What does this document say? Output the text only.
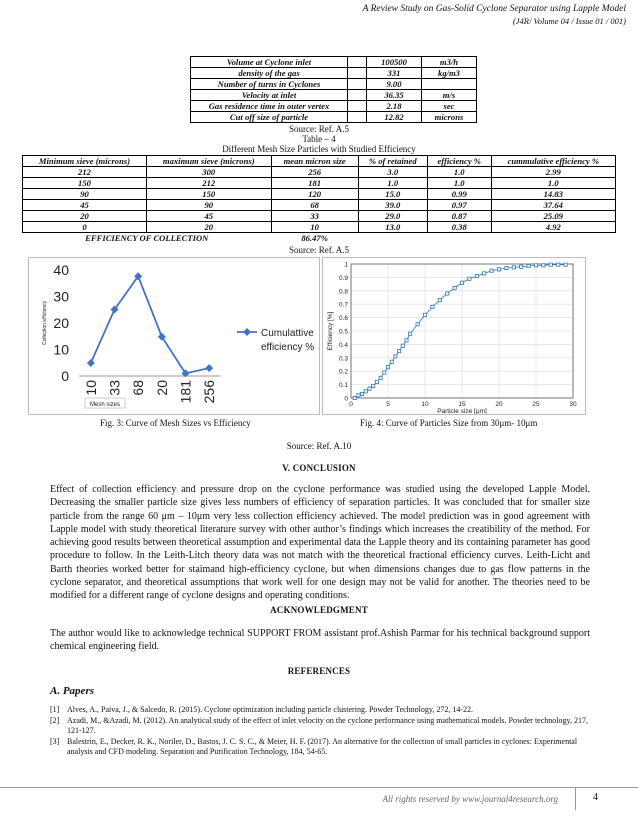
A Review Study on Gas-Solid Cyclone Separator using Lapple Model
(J4R/ Volume 04 / Issue 01 / 001)
Volume at Cyclone inlet		100500	m3/h
density of the gas		331	kg/m3
Number of turns in Cyclones		9.00	
Velocity at inlet		36.35	m/s
Gas residence time in outer vertex		2.18	sec
Cut off size of particle		12.82	microns
Source: Ref. A.5
Table – 4
Different Mesh Size Particles with Studied Efficiency
Minimum sieve (microns)	maximum sieve (microns)	mean micron size	% of retained	efficiency %	cummulative efficiency %
212	300	256	3.0	1.0	2.99
150	212	181	1.0	1.0	1.0
90	150	120	15.0	0.99	14.83
45	90	68	39.0	0.97	37.64
20	45	33	29.0	0.87	25.09
0	20	10	13.0	0.38	4.92
EFFICIENCY OF COLLECTION		86.47%			
Source: Ref. A.5
0
10
20
30
40
10 33 68 20 181 256
Collection efficiency
Mesh sizes
Cumulattive
efficiency %
0
0.1
0.2
0.3
0.4
0.5
0.6
0.7
0.8
0.9
1
0	5	10	15	20	25	30
Particle size [μm]
Efficiency [%]
Fig. 3: Curve of Mesh Sizes vs Efficiency	Fig. 4: Curve of Particles Size from 30μm- 10μm
Source: Ref. A.10
V. CONCLUSION
Effect of collection efficiency and pressure drop on the cyclone performance was studied using the developed Lapple Model. Decreasing the smaller particle size gives less numbers of efficiency of separation particles. It was concluded that for smaller size particle from the range 60 μm – 10μm very less collection efficiency achieved. The model prediction was in good agreement with Lapple model with study theoretical literature survey with other author’s findings which increases the creatibility of the method. For achieving good results between theoretical assumption and experimental data the Lapple theory and its containing parameter has good procedure to follow. In the Leith-Litch theory data was not match with the theoretical fractional efficiency curves. Leith-Licht and Barth theories worked better for staimand high-efficiency cyclone, but when dimensions changes due to gas flow patterns in the cyclone separator, and theoretical assumptions that work well for one design may not be valid for another. The theories need to be modified for a different range of cyclone designs and operating conditions.
ACKNOWLEDGMENT
The author would like to acknowledge technical SUPPORT FROM assistant prof.Ashish Parmar for his technical background support chemical engineering field.
REFERENCES
A. Papers
[1] Alves, A., Paiva, J., & Salcedo, R. (2015). Cyclone optimization including particle clustering. Powder Technology, 272, 14-22.
[2] Azadi, M., &Azadi, M. (2012). An analytical study of the effect of inlet velocity on the cyclone performance using mathematical models. Powder technology, 217, 121-127.
[3] Balestrin, E., Decker, R. K., Noriler, D., Bastos, J. C. S. C., & Meier, H. F. (2017). An alternative for the collection of small particles in cyclones: Experimental analysis and CFD modeling. Separation and Purification Technology, 184, 54-65.
All rights reserved by www.journal4research.org	4
